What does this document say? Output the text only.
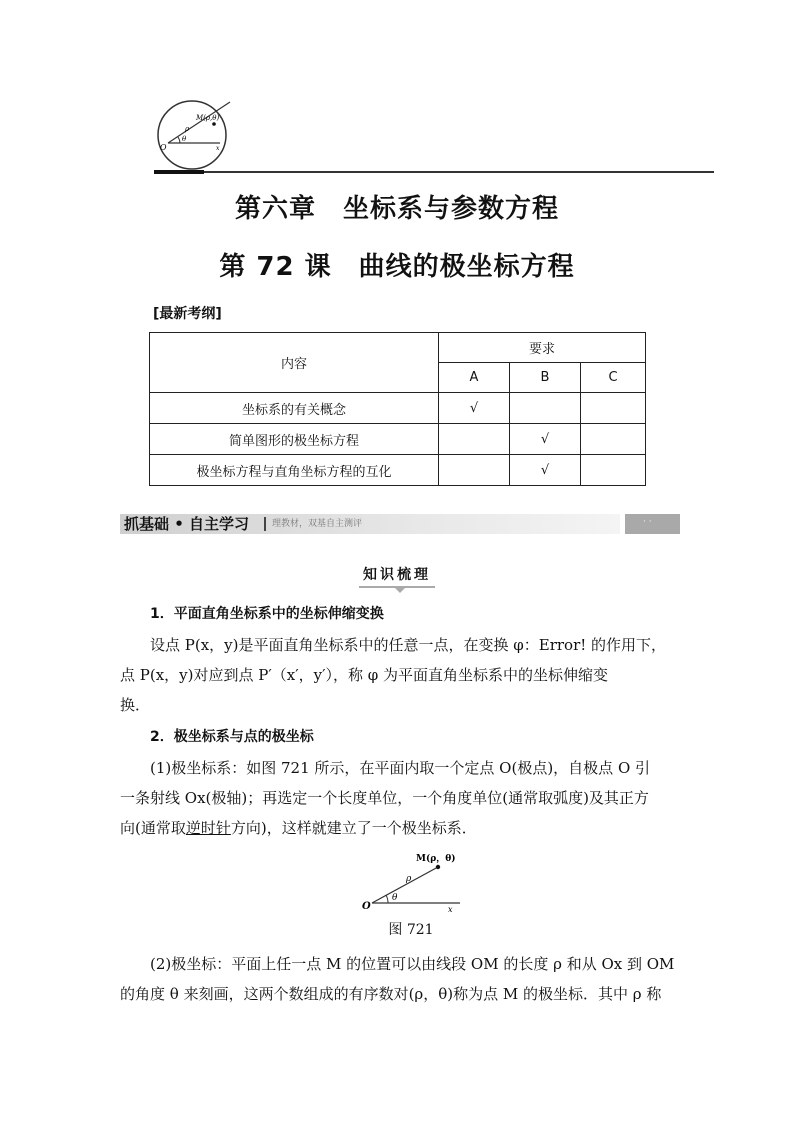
M(ρ,θ)
ρ
θ
O	x
第六章　坐标系与参数方程
第 72 课　曲线的极坐标方程
[最新考纲]
内容	要求		
	A	B	C
坐标系的有关概念	√		
简单图形的极坐标方程		√	
极坐标方程与直角坐标方程的互化		√	
抓基础 • 自主学习	理教材，双基自主测评	· ·
知识梳理
1．平面直角坐标系中的坐标伸缩变换
设点 P(x，y)是平面直角坐标系中的任意一点，在变换 φ：Error! 的作用下，
点 P(x，y)对应到点 P′（x′，y′），称 φ 为平面直角坐标系中的坐标伸缩变
换．
2．极坐标系与点的极坐标
(1)极坐标系：如图 721 所示，在平面内取一个定点 O(极点)，自极点 O 引
一条射线 Ox(极轴)；再选定一个长度单位，一个角度单位(通常取弧度)及其正方
向(通常取逆时针方向)，这样就建立了一个极坐标系．
M(ρ，θ)
ρ
θ
O	x
图 721
(2)极坐标：平面上任一点 M 的位置可以由线段 OM 的长度 ρ 和从 Ox 到 OM
的角度 θ 来刻画，这两个数组成的有序数对(ρ，θ)称为点 M 的极坐标．其中 ρ 称
